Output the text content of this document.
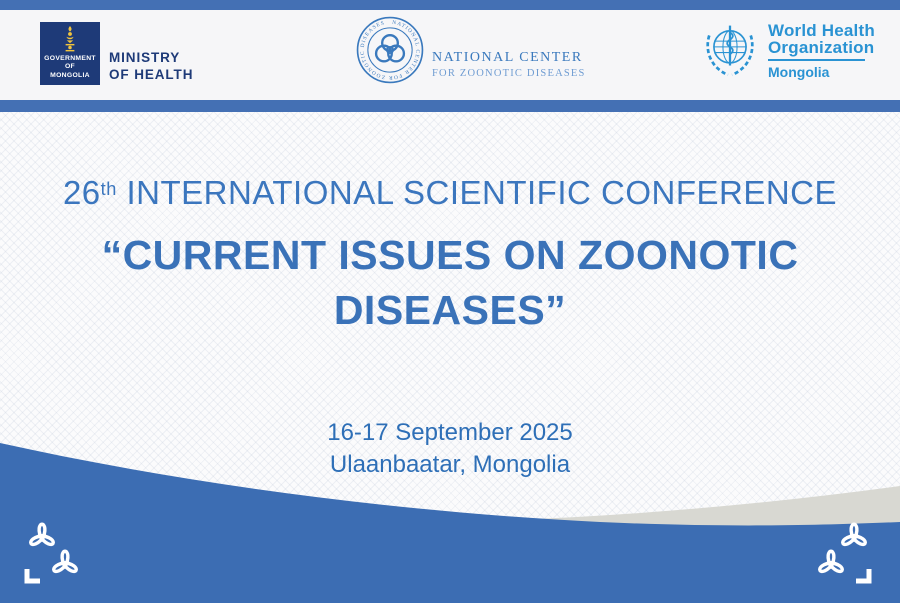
GOVERNMENT OF
MONGOLIA
MINISTRY
OF HEALTH
NATIONAL CENTER FOR ZOONOTIC DISEASES
NATIONAL CENTER
FOR ZOONOTIC DISEASES
World Health
Organization
Mongolia
26th INTERNATIONAL SCIENTIFIC CONFERENCE
“CURRENT ISSUES ON ZOONOTIC
DISEASES”
16-17 September 2025
Ulaanbaatar, Mongolia
